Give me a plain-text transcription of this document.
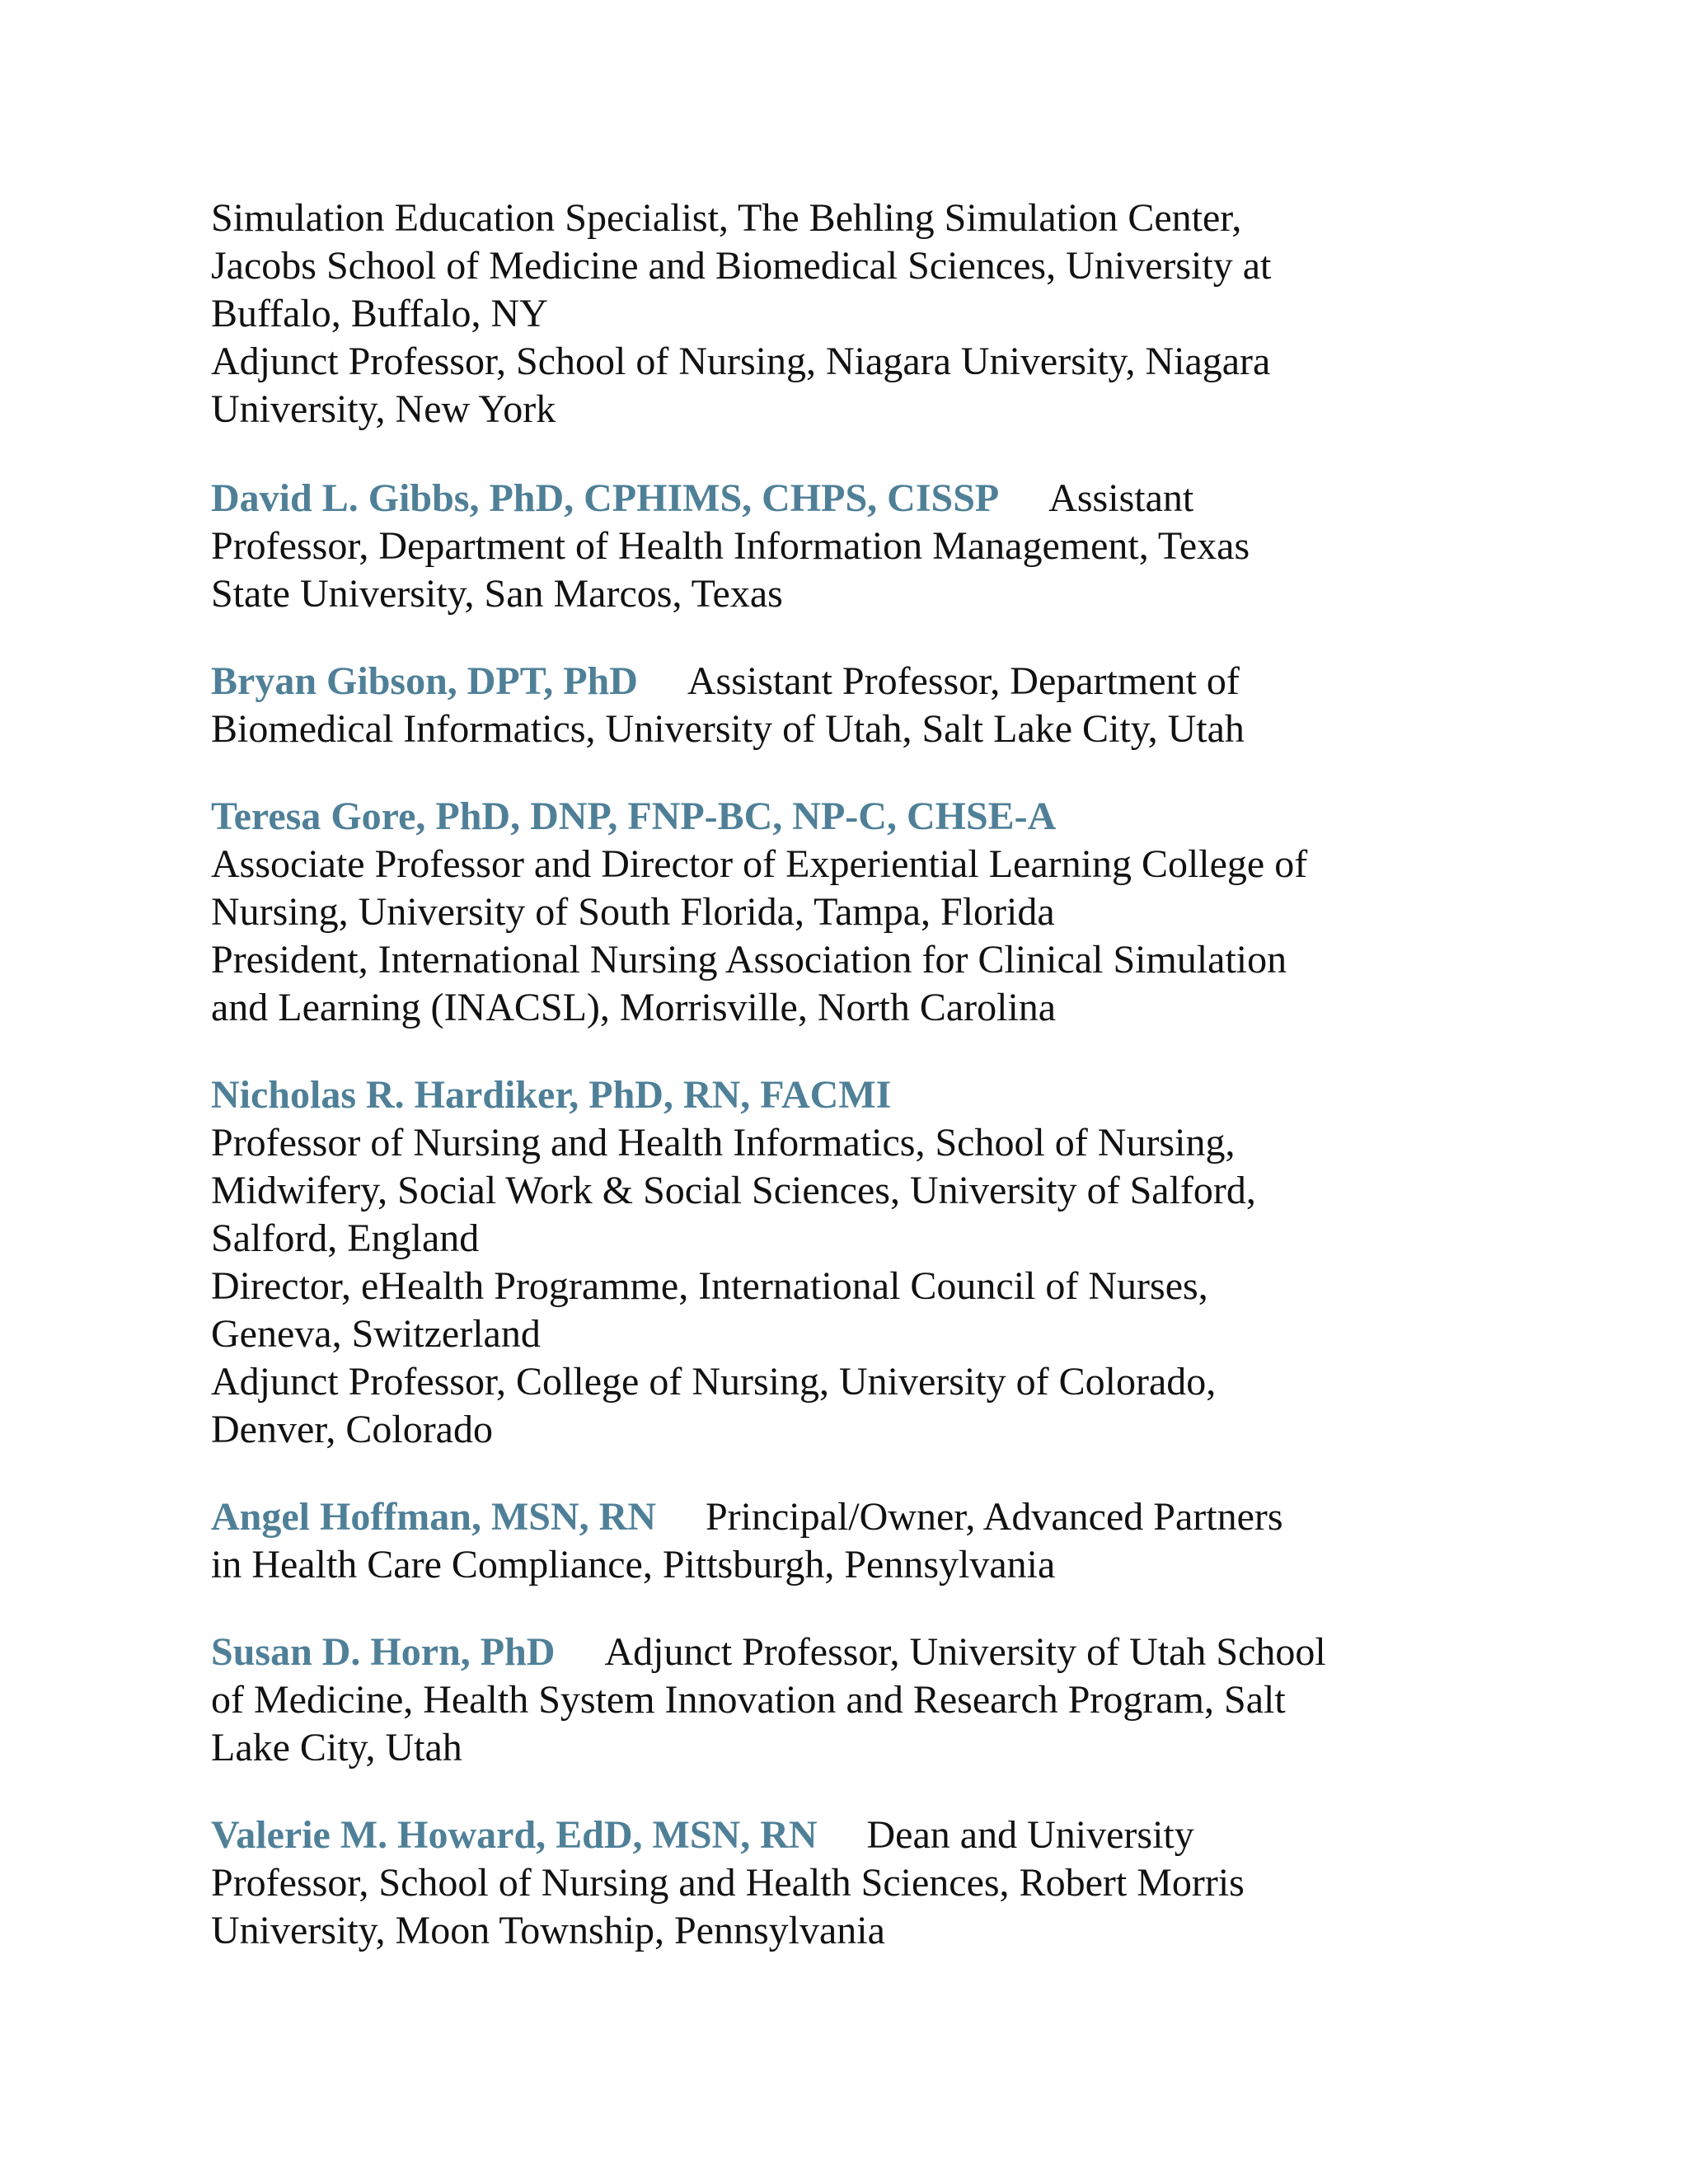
Simulation Education Specialist, The Behling Simulation Center,
Jacobs School of Medicine and Biomedical Sciences, University at
Buffalo, Buffalo, NY
Adjunct Professor, School of Nursing, Niagara University, Niagara
University, New York
David L. Gibbs, PhD, CPHIMS, CHPS, CISSP Assistant
Professor, Department of Health Information Management, Texas
State University, San Marcos, Texas
Bryan Gibson, DPT, PhD Assistant Professor, Department of
Biomedical Informatics, University of Utah, Salt Lake City, Utah
Teresa Gore, PhD, DNP, FNP-BC, NP-C, CHSE-A
Associate Professor and Director of Experiential Learning College of
Nursing, University of South Florida, Tampa, Florida
President, International Nursing Association for Clinical Simulation
and Learning (INACSL), Morrisville, North Carolina
Nicholas R. Hardiker, PhD, RN, FACMI
Professor of Nursing and Health Informatics, School of Nursing,
Midwifery, Social Work & Social Sciences, University of Salford,
Salford, England
Director, eHealth Programme, International Council of Nurses,
Geneva, Switzerland
Adjunct Professor, College of Nursing, University of Colorado,
Denver, Colorado
Angel Hoffman, MSN, RN Principal/Owner, Advanced Partners
in Health Care Compliance, Pittsburgh, Pennsylvania
Susan D. Horn, PhD Adjunct Professor, University of Utah School
of Medicine, Health System Innovation and Research Program, Salt
Lake City, Utah
Valerie M. Howard, EdD, MSN, RN Dean and University
Professor, School of Nursing and Health Sciences, Robert Morris
University, Moon Township, Pennsylvania
